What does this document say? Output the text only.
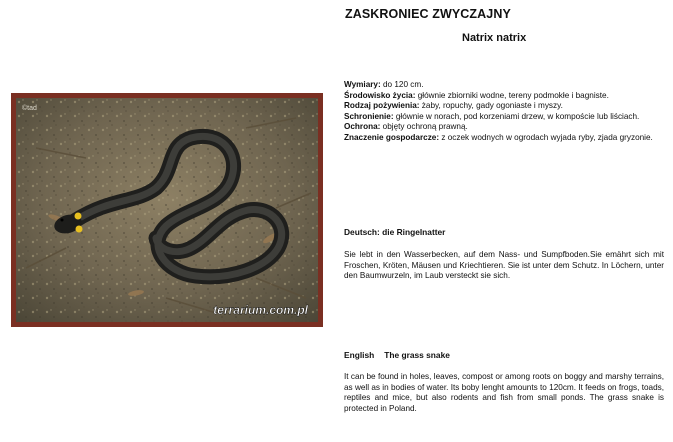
ZASKRONIEC ZWYCZAJNY
Natrix natrix
©tad
terrarium.com.pl

Wymiary: do 120 cm.

Środowisko życia: głównie zbiorniki wodne, tereny podmokłe i bagniste.

Rodzaj pożywienia: żaby, ropuchy, gady ogoniaste i myszy.

Schronienie: głównie w norach, pod korzeniami drzew, w kompoście lub liściach.

Ochrona: objęty ochroną prawną.

Znaczenie gospodarcze: z oczek wodnych w ogrodach wyjada ryby, zjada gryzonie.

Deutsch: die Ringelnatter
Sie lebt in den Wasserbecken, auf dem Nass- und Sumpfboden.Sie emährt sich mit Froschen, Kröten, Mäusen und Kriechtieren. Sie ist unter dem Schutz. In Löchern, unter den Baumwurzeln, im Laub versteckt sie sich.
English The grass snake
It can be found in holes, leaves, compost or among roots on boggy and marshy terrains, as well as in bodies of water. Its boby lenght amounts to 120cm. It feeds on frogs, toads, reptiles and mice, but also rodents and fish from small ponds. The grass snake is protected in Poland.
